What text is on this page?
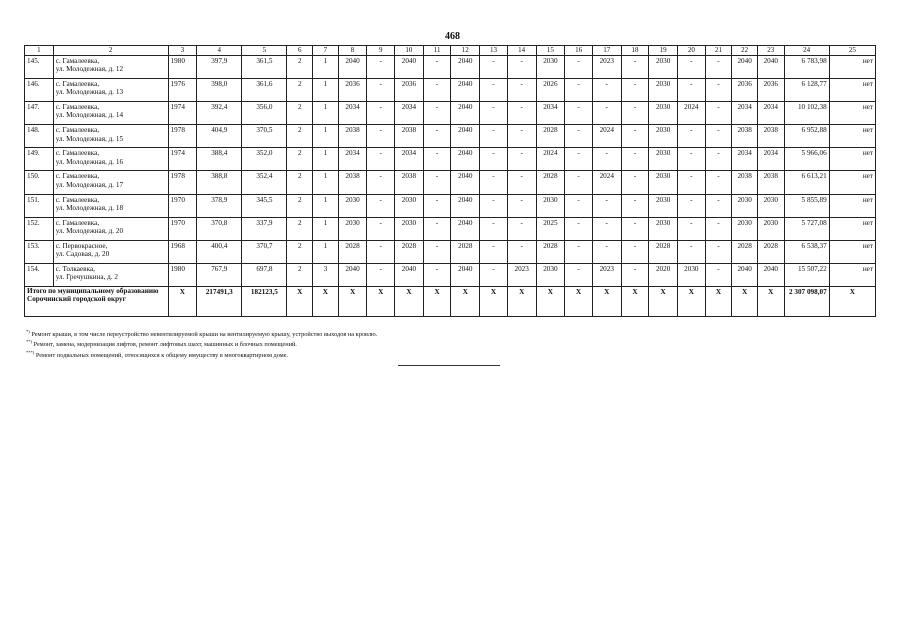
468
1	2	3	4	5	6	7	8	9	10	11	12	13	14	15	16	17	18	19	20	21	22	23	24	25
145.	с. Гамалеевка,
ул. Молодежная, д. 12	1980	397,9	361,5	2	1	2040	-	2040	-	2040	-	-	2030	-	2023	-	2030	-	-	2040	2040	6 783,98	нет
146.	с. Гамалеевка,
ул. Молодежная, д. 13	1976	398,0	361,6	2	1	2036	-	2036	-	2040	-	-	2026	-	-	-	2030	-	-	2036	2036	6 128,77	нет
147.	с. Гамалеевка,
ул. Молодежная, д. 14	1974	392,4	356,0	2	1	2034	-	2034	-	2040	-	-	2034	-	-	-	2030	2024	-	2034	2034	10 102,38	нет
148.	с. Гамалеевка,
ул. Молодежная, д. 15	1978	404,9	370,5	2	1	2038	-	2038	-	2040	-	-	2028	-	2024	-	2030	-	-	2038	2038	6 952,88	нет
149.	с. Гамалеевка,
ул. Молодежная, д. 16	1974	388,4	352,0	2	1	2034	-	2034	-	2040	-	-	2024	-	-	-	2030	-	-	2034	2034	5 966,06	нет
150.	с. Гамалеевка,
ул. Молодежная, д. 17	1978	388,8	352,4	2	1	2038	-	2038	-	2040	-	-	2028	-	2024	-	2030	-	-	2038	2038	6 613,21	нет
151.	с. Гамалеевка,
ул. Молодежная, д. 18	1970	378,9	345,5	2	1	2030	-	2030	-	2040	-	-	2030	-	-	-	2030	-	-	2030	2030	5 855,89	нет
152.	с. Гамалеевка,
ул. Молодежная, д. 20	1970	370,8	337,9	2	1	2030	-	2030	-	2040	-	-	2025	-	-	-	2030	-	-	2030	2030	5 727,08	нет
153.	с. Первокрасное,
ул. Садовая, д. 20	1968	400,4	370,7	2	1	2028	-	2028	-	2028	-	-	2028	-	-	-	2028	-	-	2028	2028	6 538,37	нет
154.	с. Толкаевка,
ул. Гречушкина, д. 2	1980	767,9	697,8	2	3	2040	-	2040	-	2040	-	2023	2030	-	2023	-	2020	2030	-	2040	2040	15 507,22	нет
Итого по муниципальному образованию Сорочинский городской округ		X	217491,3	182123,5	X	X	X	X	X	X	X	X	X	X	X	X	X	X	X	X	X	X	2 307 098,07	X
*) Ремонт крыши, в том числе переустройство невентилируемой крыши на вентилируемую крышу, устройство выходов на кровлю.
**) Ремонт, замена, модернизация лифтов, ремонт лифтовых шахт, машинных и блочных помещений.
***) Ремонт подвальных помещений, относящихся к общему имуществу в многоквартирном доме.
